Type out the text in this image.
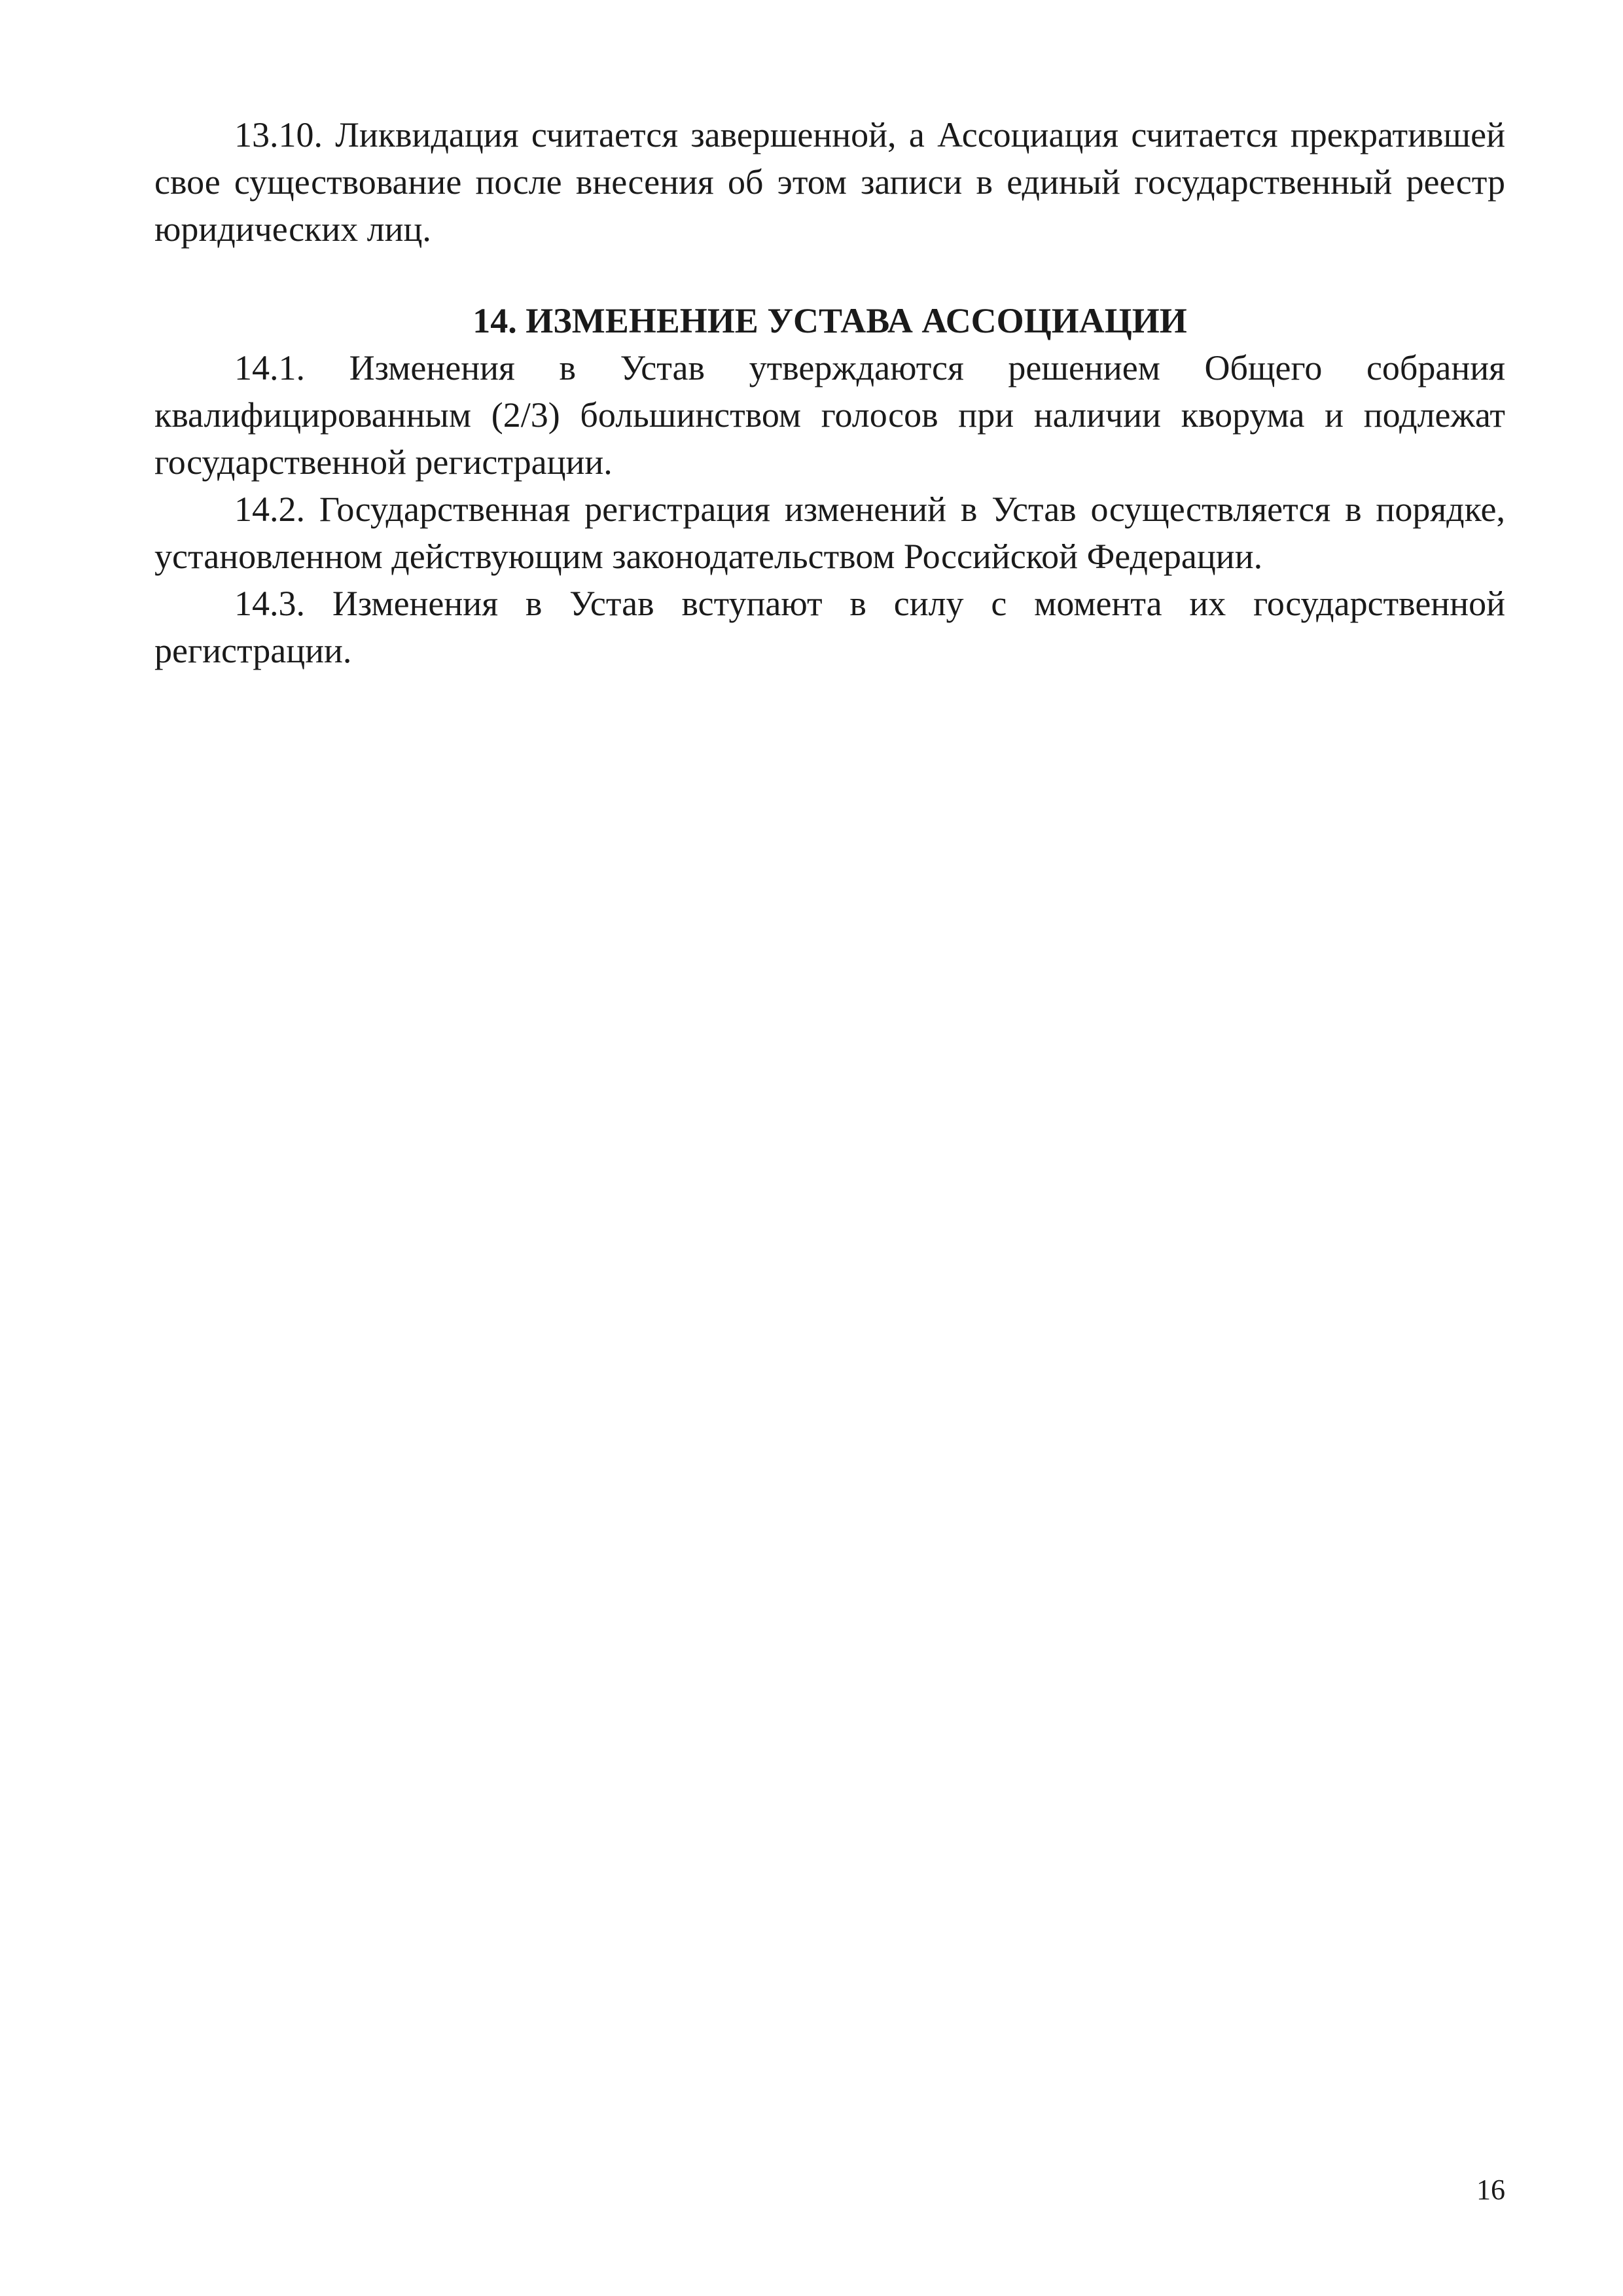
13.10. Ликвидация считается завершенной, а Ассоциация считается прекратившей свое существование после внесения об этом записи в единый государственный реестр юридических лиц.

14. ИЗМЕНЕНИЕ УСТАВА АССОЦИАЦИИ

14.1. Изменения в Устав утверждаются решением Общего собрания квалифицированным (2/3) большинством голосов при наличии кворума и подлежат государственной регистрации.

14.2. Государственная регистрация изменений в Устав осуществляется в порядке, установленном действующим законодательством Российской Федерации.

14.3. Изменения в Устав вступают в силу с момента их государственной регистрации.

16
